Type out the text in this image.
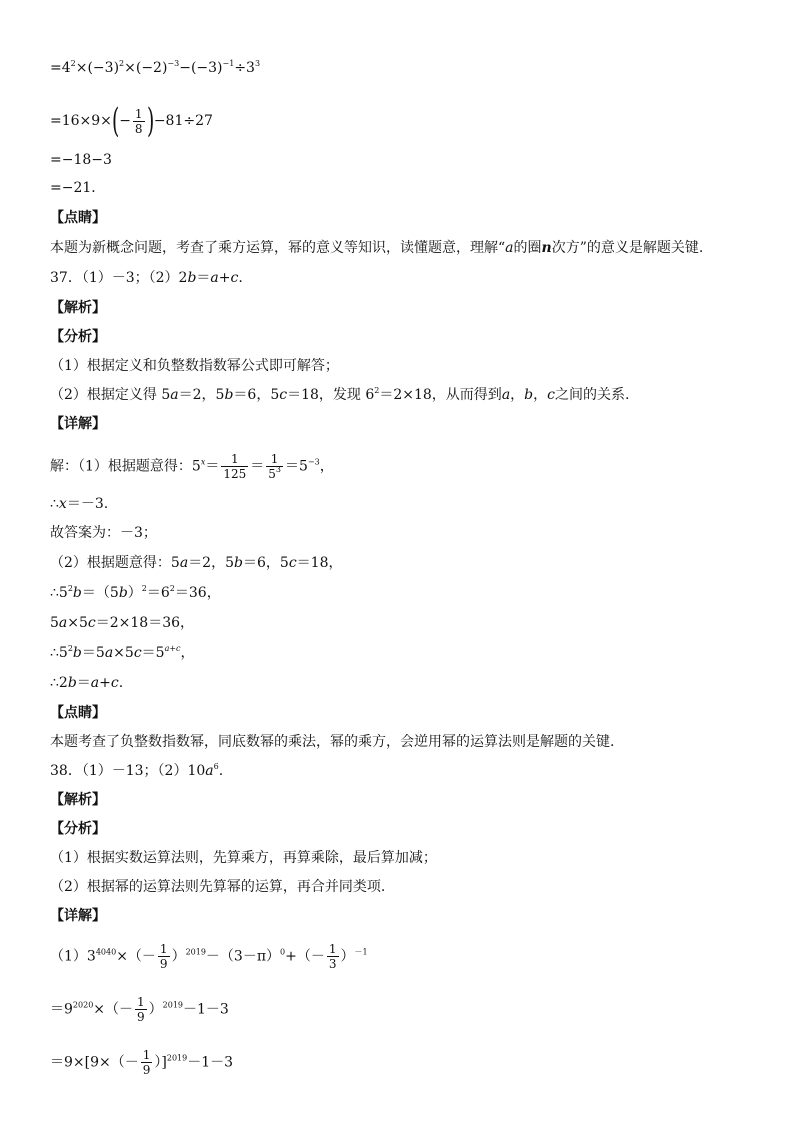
$=4^2\times(-3)^2\times(-2)^{-3}-(-3)^{-1}\div 3^3$
$=16\times 9\times(- \frac{1}{8} )-81\div 27$
=−18−3
=−21．
【点睛】
本题为新概念问题，考查了乘方运算，幂的意义等知识，读懂题意，理解“a的圈n次方”的意义是解题关键.
37．（1）－3；（2）2b＝a+c.
【解析】
【分析】
（1）根据定义和负整数指数幂公式即可解答；
（2）根据定义得 5a＝2，5b＝6，5c＝18，发现 $6^2=2\times 18$，从而得到a，b，c之间的关系.
【详解】
解：（1）根据题意得：$5^x= \frac{1}{125} = \frac{1}{5^3} =5^{-3}$，
∴x＝－3.
故答案为：－3；
（2）根据题意得：5a＝2，5b＝6，5c＝18，
$\therefore 5^2b=(5b)^2=6^2=36$，
5a×5c＝2×18＝36，
$\therefore 5^2b=5a\times 5c=5^{a+c}$，
∴2b＝a+c.
【点睛】
本题考查了负整数指数幂，同底数幂的乘法，幂的乘方，会逆用幂的运算法则是解题的关键.
38．（1）－13；$(2)10a^6$.
【解析】
【分析】
（1）根据实数运算法则，先算乘方，再算乘除，最后算加减；
（2）根据幂的运算法则先算幂的运算，再合并同类项.
【详解】
$(1)3^{4040}\times(- \frac{1}{9} )^{2019}-(3-\pi)^0+(- \frac{1}{3} )^{-1}$
$=9^{2020}\times(- \frac{1}{9} )^{2019}-1-3$
$=9\times[9\times(- \frac{1}{9} )]^{2019}-1-3$
